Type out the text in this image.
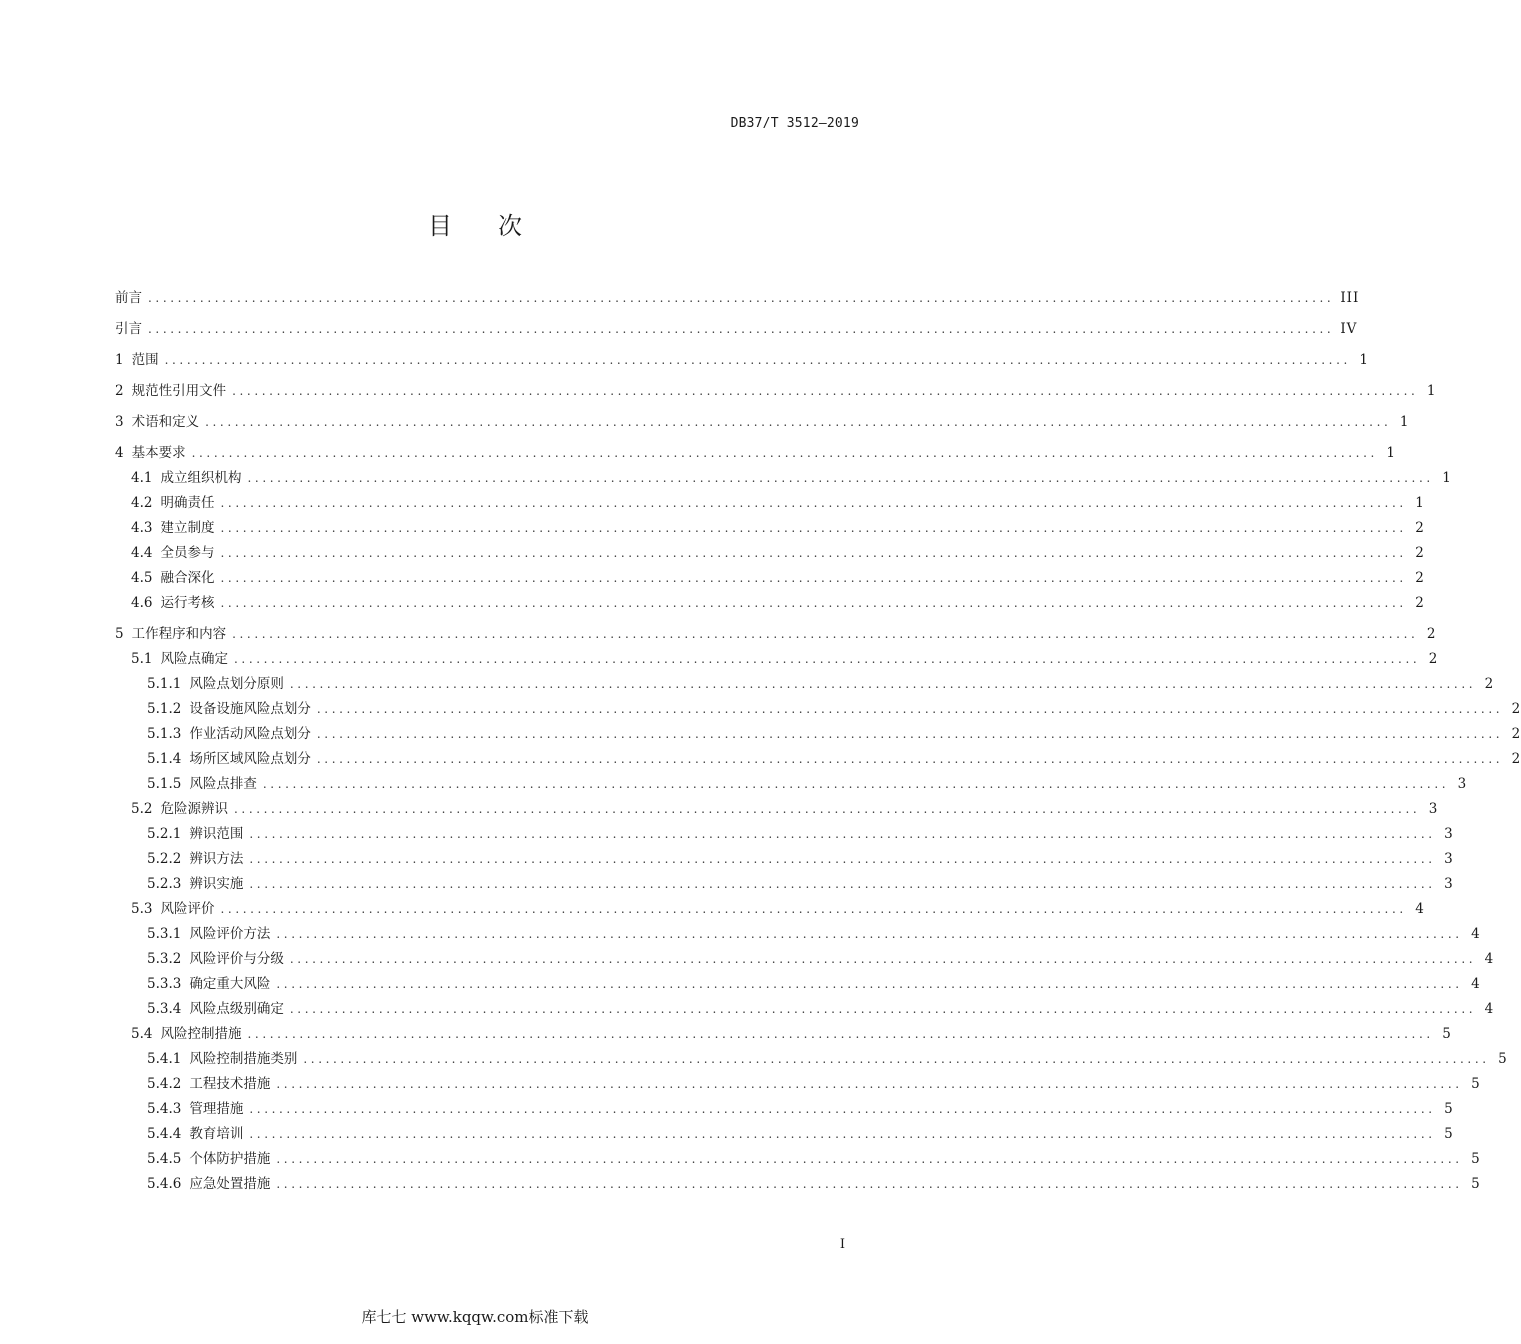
DB37/T 3512—2019
目 次
前言 ................................................................................................................................................................ III
引言 ................................................................................................................................................................ IV
1 范围 ................................................................................................................................................................ 1
2 规范性引用文件 ................................................................................................................................................................ 1
3 术语和定义 ................................................................................................................................................................ 1
4 基本要求 ................................................................................................................................................................ 1
4.1 成立组织机构 ................................................................................................................................................................ 1
4.2 明确责任 ................................................................................................................................................................ 1
4.3 建立制度 ................................................................................................................................................................ 2
4.4 全员参与 ................................................................................................................................................................ 2
4.5 融合深化 ................................................................................................................................................................ 2
4.6 运行考核 ................................................................................................................................................................ 2
5 工作程序和内容 ................................................................................................................................................................ 2
5.1 风险点确定 ................................................................................................................................................................ 2
5.1.1 风险点划分原则 ................................................................................................................................................................ 2
5.1.2 设备设施风险点划分 ................................................................................................................................................................ 2
5.1.3 作业活动风险点划分 ................................................................................................................................................................ 2
5.1.4 场所区域风险点划分 ................................................................................................................................................................ 2
5.1.5 风险点排查 ................................................................................................................................................................ 3
5.2 危险源辨识 ................................................................................................................................................................ 3
5.2.1 辨识范围 ................................................................................................................................................................ 3
5.2.2 辨识方法 ................................................................................................................................................................ 3
5.2.3 辨识实施 ................................................................................................................................................................ 3
5.3 风险评价 ................................................................................................................................................................ 4
5.3.1 风险评价方法 ................................................................................................................................................................ 4
5.3.2 风险评价与分级 ................................................................................................................................................................ 4
5.3.3 确定重大风险 ................................................................................................................................................................ 4
5.3.4 风险点级别确定 ................................................................................................................................................................ 4
5.4 风险控制措施 ................................................................................................................................................................ 5
5.4.1 风险控制措施类别 ................................................................................................................................................................ 5
5.4.2 工程技术措施 ................................................................................................................................................................ 5
5.4.3 管理措施 ................................................................................................................................................................ 5
5.4.4 教育培训 ................................................................................................................................................................ 5
5.4.5 个体防护措施 ................................................................................................................................................................ 5
5.4.6 应急处置措施 ................................................................................................................................................................ 5
I
库七七 www.kqqw.com标准下载
